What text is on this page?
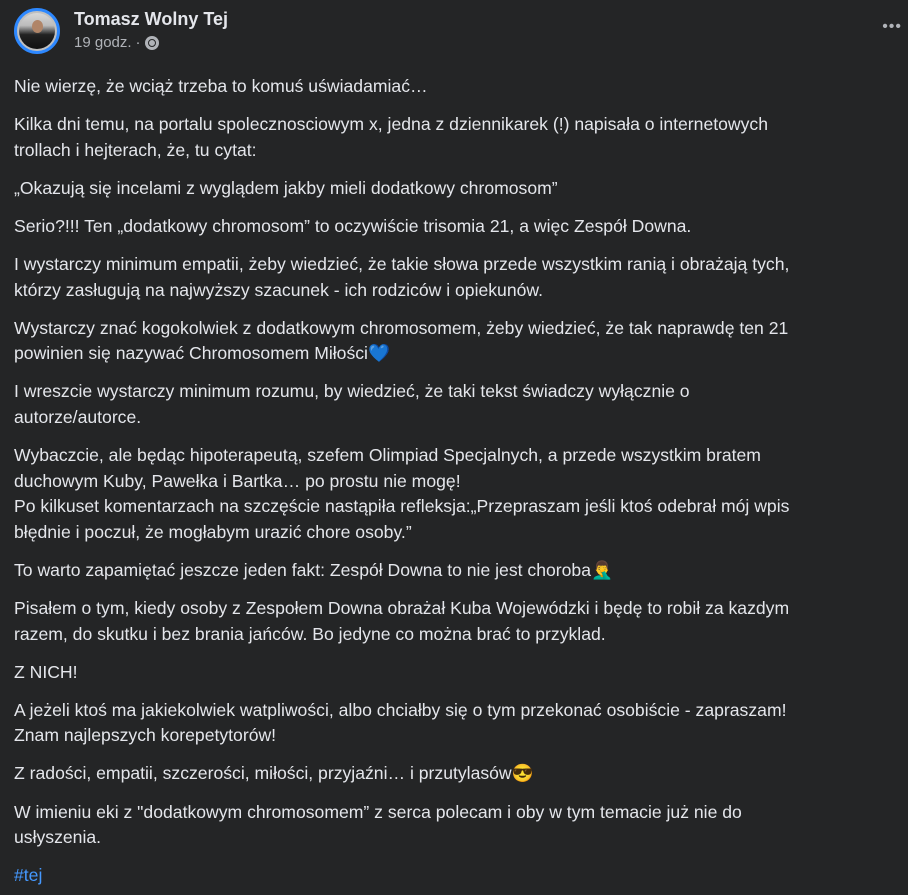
Tomasz Wolny Tej
19 godz. ·
•••
Nie wierzę, że wciąż trzeba to komuś uświadamiać…
Kilka dni temu, na portalu spolecznosciowym x, jedna z dziennikarek (!) napisała o internetowych
trollach i hejterach, że, tu cytat:
„Okazują się incelami z wyglądem jakby mieli dodatkowy chromosom”
Serio?!!! Ten „dodatkowy chromosom” to oczywiście trisomia 21, a więc Zespół Downa.
I wystarczy minimum empatii, żeby wiedzieć, że takie słowa przede wszystkim ranią i obrażają tych,
którzy zasługują na najwyższy szacunek - ich rodziców i opiekunów.
Wystarczy znać kogokolwiek z dodatkowym chromosomem, żeby wiedzieć, że tak naprawdę ten 21
powinien się nazywać Chromosomem Miłości💙
I wreszcie wystarczy minimum rozumu, by wiedzieć, że taki tekst świadczy wyłącznie o
autorze/autorce.
Wybaczcie, ale będąc hipoterapeutą, szefem Olimpiad Specjalnych, a przede wszystkim bratem
duchowym Kuby, Pawełka i Bartka… po prostu nie mogę!
Po kilkuset komentarzach na szczęście nastąpiła refleksja:„Przepraszam jeśli ktoś odebrał mój wpis
błędnie i poczuł, że mogłabym urazić chore osoby.”
To warto zapamiętać jeszcze jeden fakt: Zespół Downa to nie jest choroba🤦‍♂️
Pisałem o tym, kiedy osoby z Zespołem Downa obrażał Kuba Wojewódzki i będę to robił za kazdym
razem, do skutku i bez brania jańców. Bo jedyne co można brać to przyklad.
Z NICH!
A jeżeli ktoś ma jakiekolwiek watpliwości, albo chciałby się o tym przekonać osobiście - zapraszam!
Znam najlepszych korepetytorów!
Z radości, empatii, szczerości, miłości, przyjaźni… i przutylasów😎
W imieniu eki z "dodatkowym chromosomem” z serca polecam i oby w tym temacie już nie do
usłyszenia.
#tej
